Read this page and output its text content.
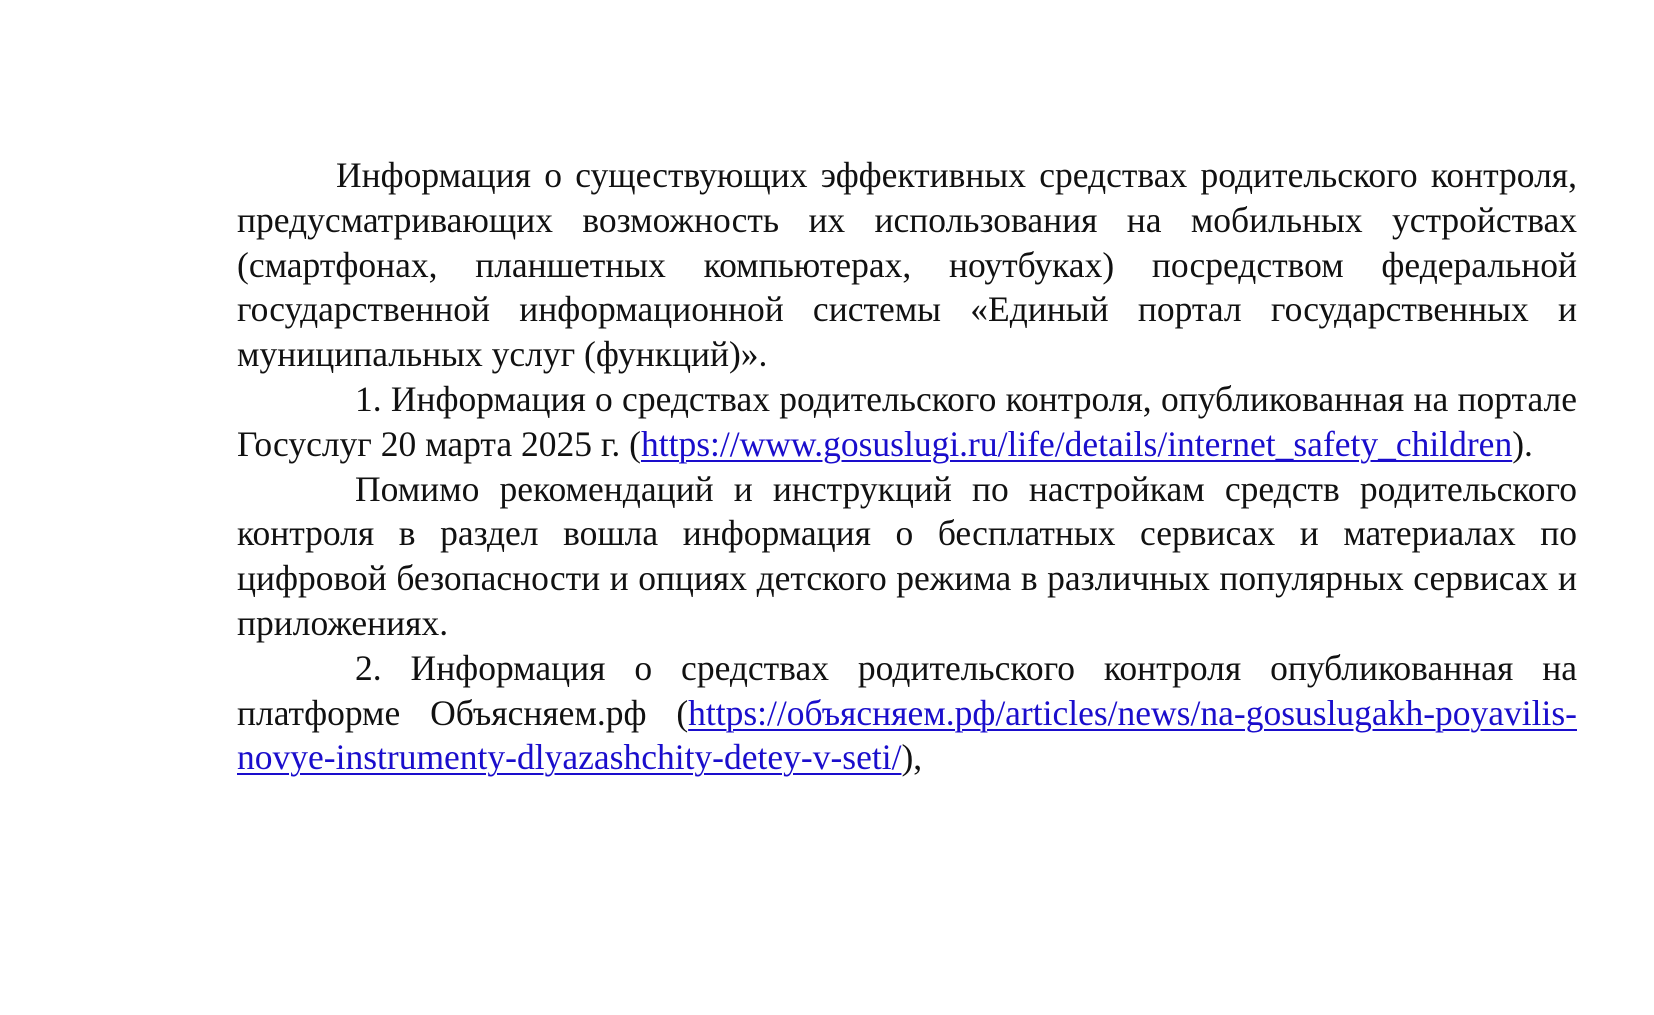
Информация о существующих эффективных средствах родительского контроля, предусматривающих возможность их использования на мобильных устройствах (смартфонах, планшетных компьютерах, ноутбуках) посредством федеральной государственной информационной системы «Единый портал государственных и муниципальных услуг (функций)».

1. Информация о средствах родительского контроля, опубликованная на портале Госуслуг 20 марта 2025 г. (https://www.gosuslugi.ru/life/details/internet_safety_children).

Помимо рекомендаций и инструкций по настройкам средств родительского контроля в раздел вошла информация о бесплатных сервисах и материалах по цифровой безопасности и опциях детского режима в различных популярных сервисах и приложениях.

2. Информация о средствах родительского контроля опубликованная на платформе Объясняем.рф (https://объясняем.рф/articles/news/na-gosuslugakh-poyavilis-novye-instrumenty-dlyazashchity-detey-v-seti/),
